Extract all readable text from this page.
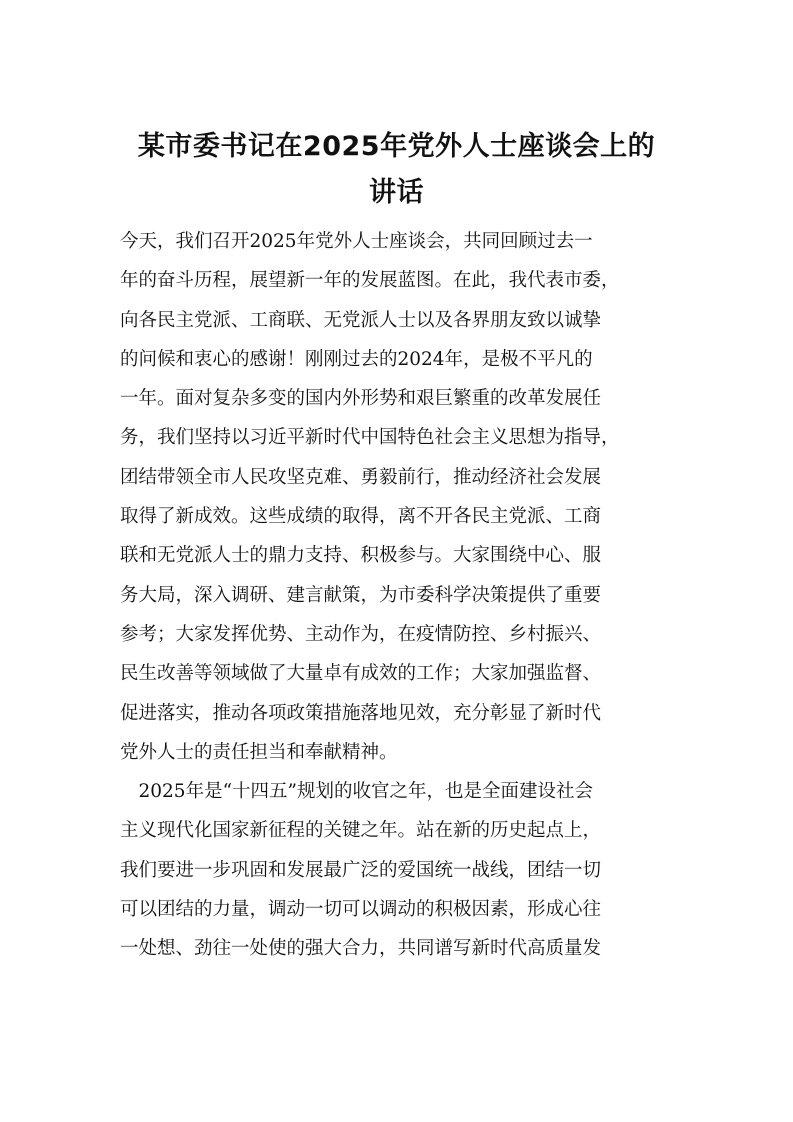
某市委书记在2025年党外人士座谈会上的
讲话
今天，我们召开2025年党外人士座谈会，共同回顾过去一
年的奋斗历程，展望新一年的发展蓝图。在此，我代表市委，
向各民主党派、工商联、无党派人士以及各界朋友致以诚挚
的问候和衷心的感谢！刚刚过去的2024年，是极不平凡的
一年。面对复杂多变的国内外形势和艰巨繁重的改革发展任
务，我们坚持以习近平新时代中国特色社会主义思想为指导，
团结带领全市人民攻坚克难、勇毅前行，推动经济社会发展
取得了新成效。这些成绩的取得，离不开各民主党派、工商
联和无党派人士的鼎力支持、积极参与。大家围绕中心、服
务大局，深入调研、建言献策，为市委科学决策提供了重要
参考；大家发挥优势、主动作为，在疫情防控、乡村振兴、
民生改善等领域做了大量卓有成效的工作；大家加强监督、
促进落实，推动各项政策措施落地见效，充分彰显了新时代
党外人士的责任担当和奉献精神。
　2025年是“十四五”规划的收官之年，也是全面建设社会
主义现代化国家新征程的关键之年。站在新的历史起点上，
我们要进一步巩固和发展最广泛的爱国统一战线，团结一切
可以团结的力量，调动一切可以调动的积极因素，形成心往
一处想、劲往一处使的强大合力，共同谱写新时代高质量发
